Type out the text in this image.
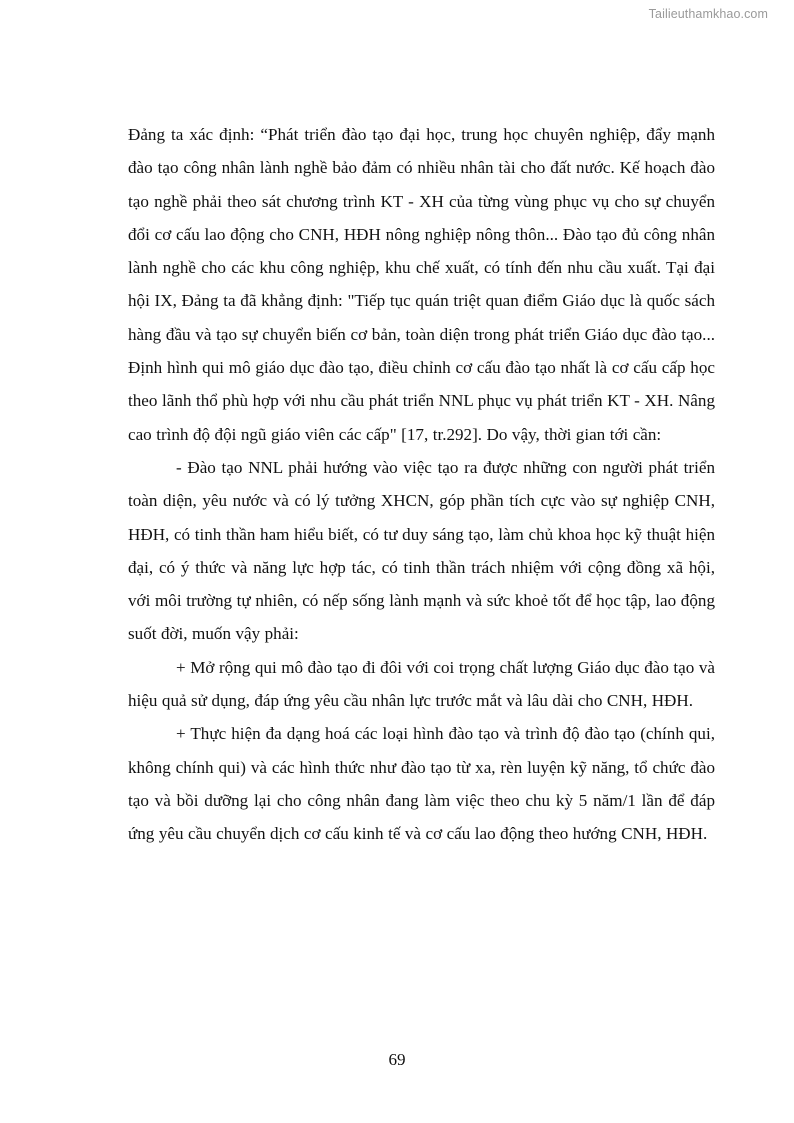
Tailieuthamkhao.com

Đảng ta xác định: “Phát triển đào tạo đại học, trung học chuyên nghiệp, đẩy mạnh đào tạo công nhân lành nghề bảo đảm có nhiều nhân tài cho đất nước. Kế hoạch đào tạo nghề phải theo sát chương trình KT - XH của từng vùng phục vụ cho sự chuyển đổi cơ cấu lao động cho CNH, HĐH nông nghiệp nông thôn... Đào tạo đủ công nhân lành nghề cho các khu công nghiệp, khu chế xuất, có tính đến nhu cầu xuất. Tại đại hội IX, Đảng ta đã khẳng định: "Tiếp tục quán triệt quan điểm Giáo dục là quốc sách hàng đầu và tạo sự chuyển biến cơ bản, toàn diện trong phát triển Giáo dục đào tạo... Định hình qui mô giáo dục đào tạo, điều chỉnh cơ cấu đào tạo nhất là cơ cấu cấp học theo lãnh thổ phù hợp với nhu cầu phát triển NNL phục vụ phát triển KT - XH. Nâng cao trình độ đội ngũ giáo viên các cấp" [17, tr.292]. Do vậy, thời gian tới cần:

- Đào tạo NNL phải hướng vào việc tạo ra được những con người phát triển toàn diện, yêu nước và có lý tưởng XHCN, góp phần tích cực vào sự nghiệp CNH, HĐH, có tinh thần ham hiểu biết, có tư duy sáng tạo, làm chủ khoa học kỹ thuật hiện đại, có ý thức và năng lực hợp tác, có tinh thần trách nhiệm với cộng đồng xã hội, với môi trường tự nhiên, có nếp sống lành mạnh và sức khoẻ tốt để học tập, lao động suốt đời, muốn vậy phải:

+ Mở rộng qui mô đào tạo đi đôi với coi trọng chất lượng Giáo dục đào tạo và hiệu quả sử dụng, đáp ứng yêu cầu nhân lực trước mắt và lâu dài cho CNH, HĐH.

+ Thực hiện đa dạng hoá các loại hình đào tạo và trình độ đào tạo (chính qui, không chính qui) và các hình thức như đào tạo từ xa, rèn luyện kỹ năng, tổ chức đào tạo và bồi dưỡng lại cho công nhân đang làm việc theo chu kỳ 5 năm/1 lần để đáp ứng yêu cầu chuyển dịch cơ cấu kinh tế và cơ cấu lao động theo hướng CNH, HĐH.

69
